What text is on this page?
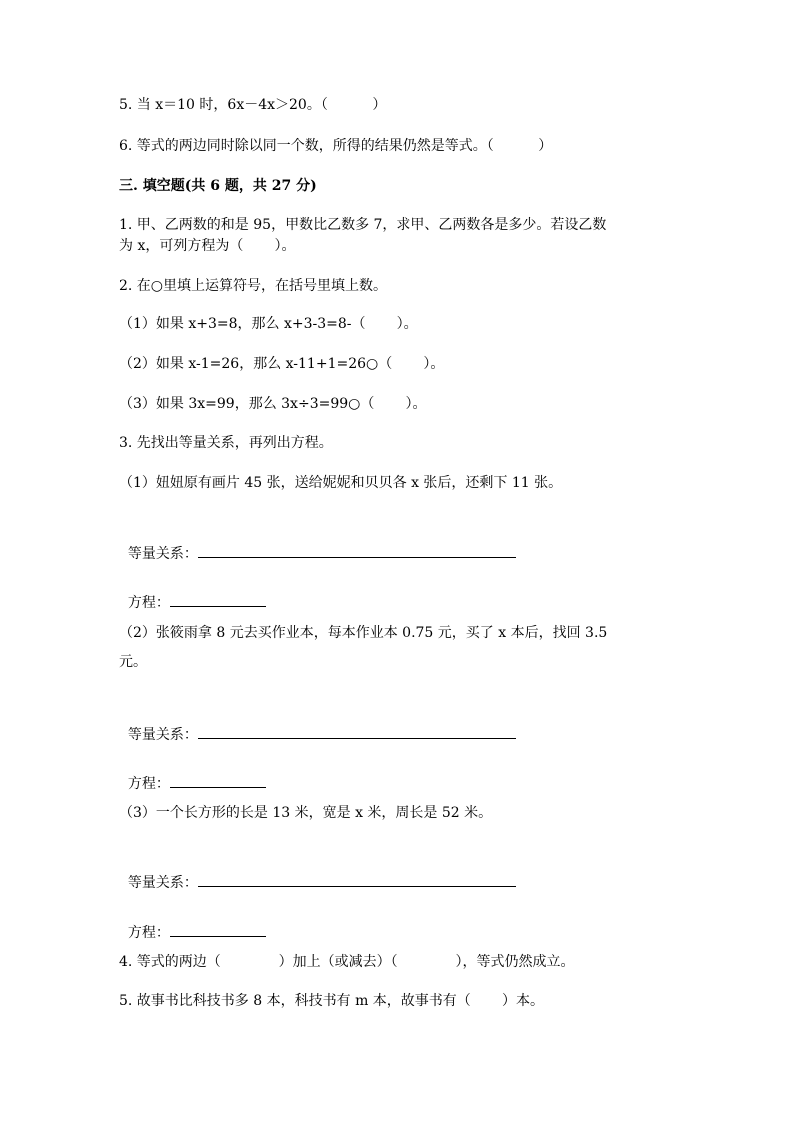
5. 当 x＝10 时，6x－4x＞20。（          ）
6. 等式的两边同时除以同一个数，所得的结果仍然是等式。（          ）
三. 填空题(共 6 题，共 27 分)
1. 甲、乙两数的和是 95，甲数比乙数多 7，求甲、乙两数各是多少。若设乙数
为 x，可列方程为（       ）。
2. 在○里填上运算符号，在括号里填上数。
（1）如果 x+3=8，那么 x+3-3=8-（       ）。
（2）如果 x-1=26，那么 x-11+1=26○（       ）。
（3）如果 3x=99，那么 3x÷3=99○（       ）。
3. 先找出等量关系，再列出方程。
（1）妞妞原有画片 45 张，送给妮妮和贝贝各 x 张后，还剩下 11 张。

等量关系：

方程：

（2）张筱雨拿 8 元去买作业本，每本作业本 0.75 元，买了 x 本后，找回 3.5
元。

等量关系：

方程：

（3）一个长方形的长是 13 米，宽是 x 米，周长是 52 米。

等量关系：

方程：

4. 等式的两边（             ）加上（或减去）（             ），等式仍然成立。
5. 故事书比科技书多 8 本，科技书有 m 本，故事书有（       ）本。
